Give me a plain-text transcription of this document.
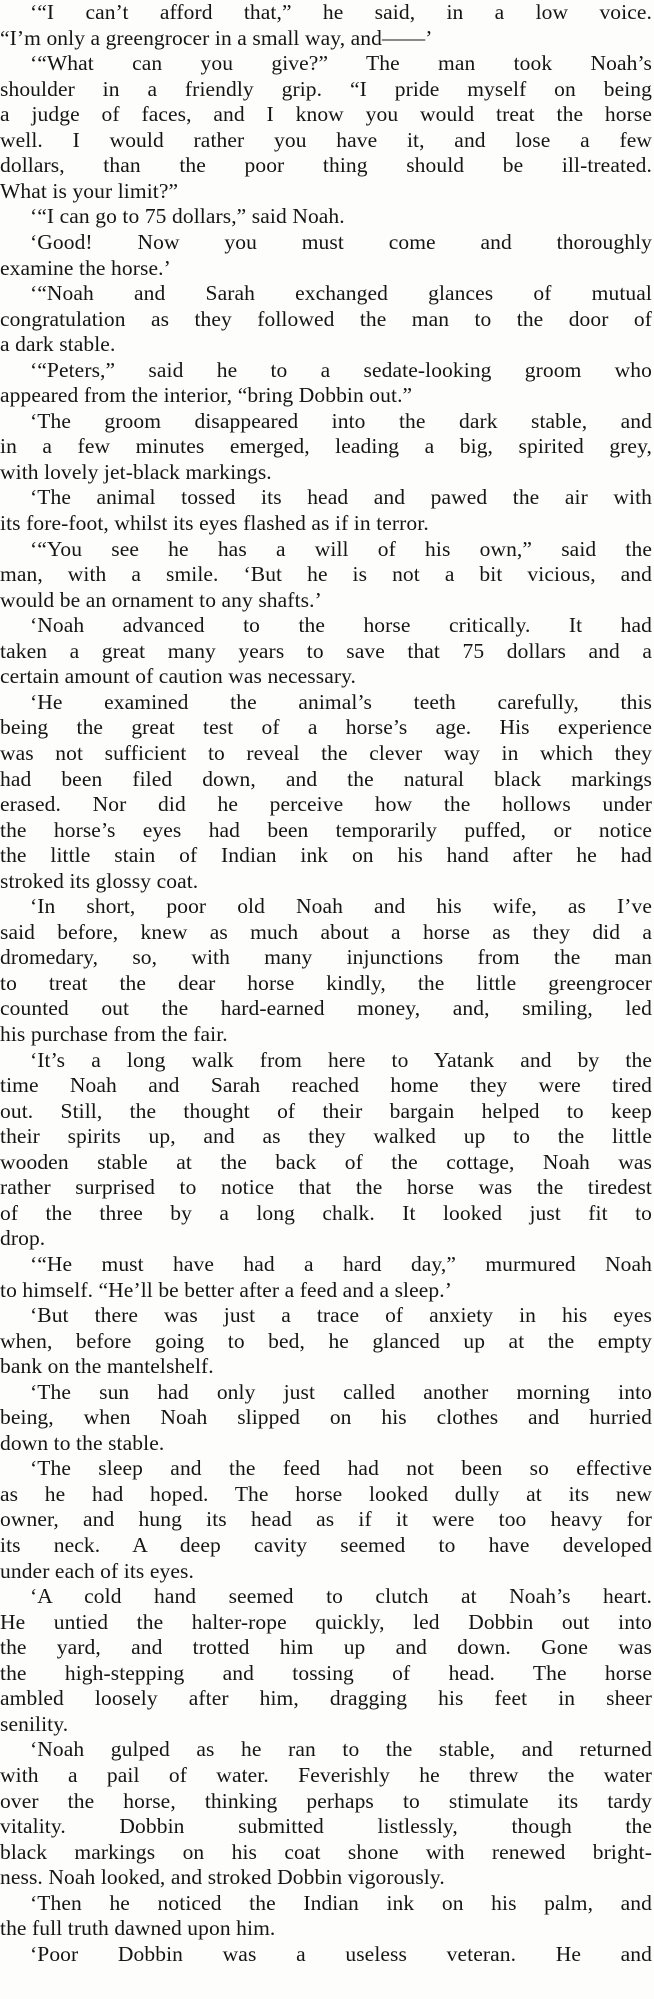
‘“I can’t afford that,” he said, in a low voice.
“I’m only a greengrocer in a small way, and——’
‘“What can you give?” The man took Noah’s
shoulder in a friendly grip. “I pride myself on being
a judge of faces, and I know you would treat the horse
well. I would rather you have it, and lose a few
dollars, than the poor thing should be ill-treated.
What is your limit?”
‘“I can go to 75 dollars,” said Noah.
‘Good! Now you must come and thoroughly
examine the horse.’
‘“Noah and Sarah exchanged glances of mutual
congratulation as they followed the man to the door of
a dark stable.
‘“Peters,” said he to a sedate-looking groom who
appeared from the interior, “bring Dobbin out.”
‘The groom disappeared into the dark stable, and
in a few minutes emerged, leading a big, spirited grey,
with lovely jet-black markings.
‘The animal tossed its head and pawed the air with
its fore-foot, whilst its eyes flashed as if in terror.
‘“You see he has a will of his own,” said the
man, with a smile. ‘But he is not a bit vicious, and
would be an ornament to any shafts.’
‘Noah advanced to the horse critically. It had
taken a great many years to save that 75 dollars and a
certain amount of caution was necessary.
‘He examined the animal’s teeth carefully, this
being the great test of a horse’s age. His experience
was not sufficient to reveal the clever way in which they
had been filed down, and the natural black markings
erased. Nor did he perceive how the hollows under
the horse’s eyes had been temporarily puffed, or notice
the little stain of Indian ink on his hand after he had
stroked its glossy coat.
‘In short, poor old Noah and his wife, as I’ve
said before, knew as much about a horse as they did a
dromedary, so, with many injunctions from the man
to treat the dear horse kindly, the little greengrocer
counted out the hard-earned money, and, smiling, led
his purchase from the fair.
‘It’s a long walk from here to Yatank and by the
time Noah and Sarah reached home they were tired
out. Still, the thought of their bargain helped to keep
their spirits up, and as they walked up to the little
wooden stable at the back of the cottage, Noah was
rather surprised to notice that the horse was the tiredest
of the three by a long chalk. It looked just fit to
drop.
‘“He must have had a hard day,” murmured Noah
to himself. “He’ll be better after a feed and a sleep.’
‘But there was just a trace of anxiety in his eyes
when, before going to bed, he glanced up at the empty
bank on the mantelshelf.
‘The sun had only just called another morning into
being, when Noah slipped on his clothes and hurried
down to the stable.
‘The sleep and the feed had not been so effective
as he had hoped. The horse looked dully at its new
owner, and hung its head as if it were too heavy for
its neck. A deep cavity seemed to have developed
under each of its eyes.
‘A cold hand seemed to clutch at Noah’s heart.
He untied the halter-rope quickly, led Dobbin out into
the yard, and trotted him up and down. Gone was
the high-stepping and tossing of head. The horse
ambled loosely after him, dragging his feet in sheer
senility.
‘Noah gulped as he ran to the stable, and returned
with a pail of water. Feverishly he threw the water
over the horse, thinking perhaps to stimulate its tardy
vitality. Dobbin submitted listlessly, though the
black markings on his coat shone with renewed bright-
ness. Noah looked, and stroked Dobbin vigorously.
‘Then he noticed the Indian ink on his palm, and
the full truth dawned upon him.
‘Poor Dobbin was a useless veteran. He and
